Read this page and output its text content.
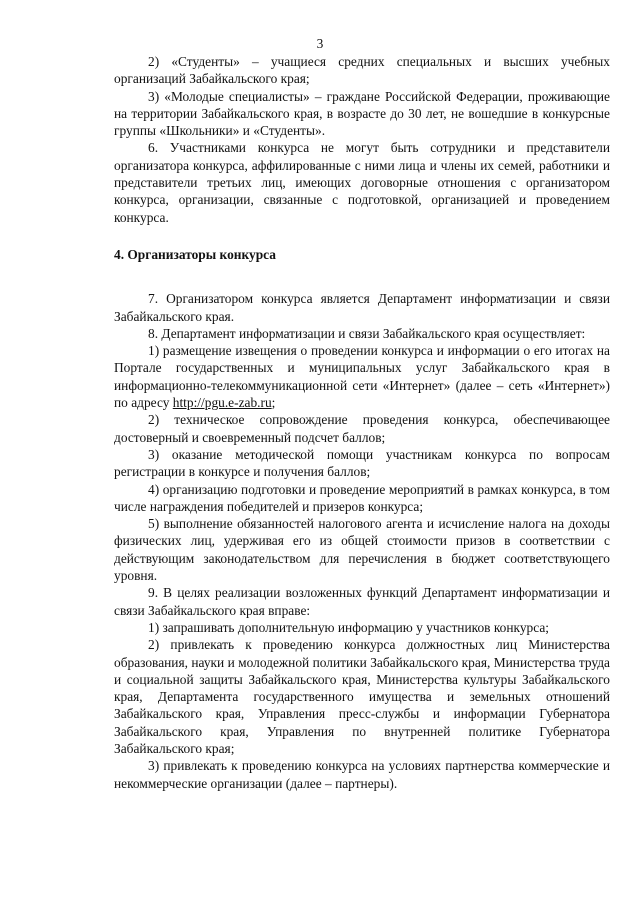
3

2) «Студенты» – учащиеся средних специальных и высших учебных организаций Забайкальского края;

3) «Молодые специалисты» – граждане Российской Федерации, проживающие на территории Забайкальского края, в возрасте до 30 лет, не вошедшие в конкурсные группы «Школьники» и «Студенты».

6. Участниками конкурса не могут быть сотрудники и представители организатора конкурса, аффилированные с ними лица и члены их семей, работники и представители третьих лиц, имеющих договорные отношения с организатором конкурса, организации, связанные с подготовкой, организацией и проведением конкурса.

4. Организаторы конкурса

7. Организатором конкурса является Департамент информатизации и связи Забайкальского края.

8. Департамент информатизации и связи Забайкальского края осуществляет:

1) размещение извещения о проведении конкурса и информации о его итогах на Портале государственных и муниципальных услуг Забайкальского края в информационно-телекоммуникационной сети «Интернет» (далее – сеть «Интернет») по адресу http://pgu.e-zab.ru;

2) техническое сопровождение проведения конкурса, обеспечивающее достоверный и своевременный подсчет баллов;

3) оказание методической помощи участникам конкурса по вопросам регистрации в конкурсе и получения баллов;

4) организацию подготовки и проведение мероприятий в рамках конкурса, в том числе награждения победителей и призеров конкурса;

5) выполнение обязанностей налогового агента и исчисление налога на доходы физических лиц, удерживая его из общей стоимости призов в соответствии с действующим законодательством для перечисления в бюджет соответствующего уровня.

9. В целях реализации возложенных функций Департамент информатизации и связи Забайкальского края вправе:

1) запрашивать дополнительную информацию у участников конкурса;

2) привлекать к проведению конкурса должностных лиц Министерства образования, науки и молодежной политики Забайкальского края, Министерства труда и социальной защиты Забайкальского края, Министерства культуры Забайкальского края, Департамента государственного имущества и земельных отношений Забайкальского края, Управления пресс-службы и информации Губернатора Забайкальского края, Управления по внутренней политике Губернатора Забайкальского края;

3) привлекать к проведению конкурса на условиях партнерства коммерческие и некоммерческие организации (далее – партнеры).
